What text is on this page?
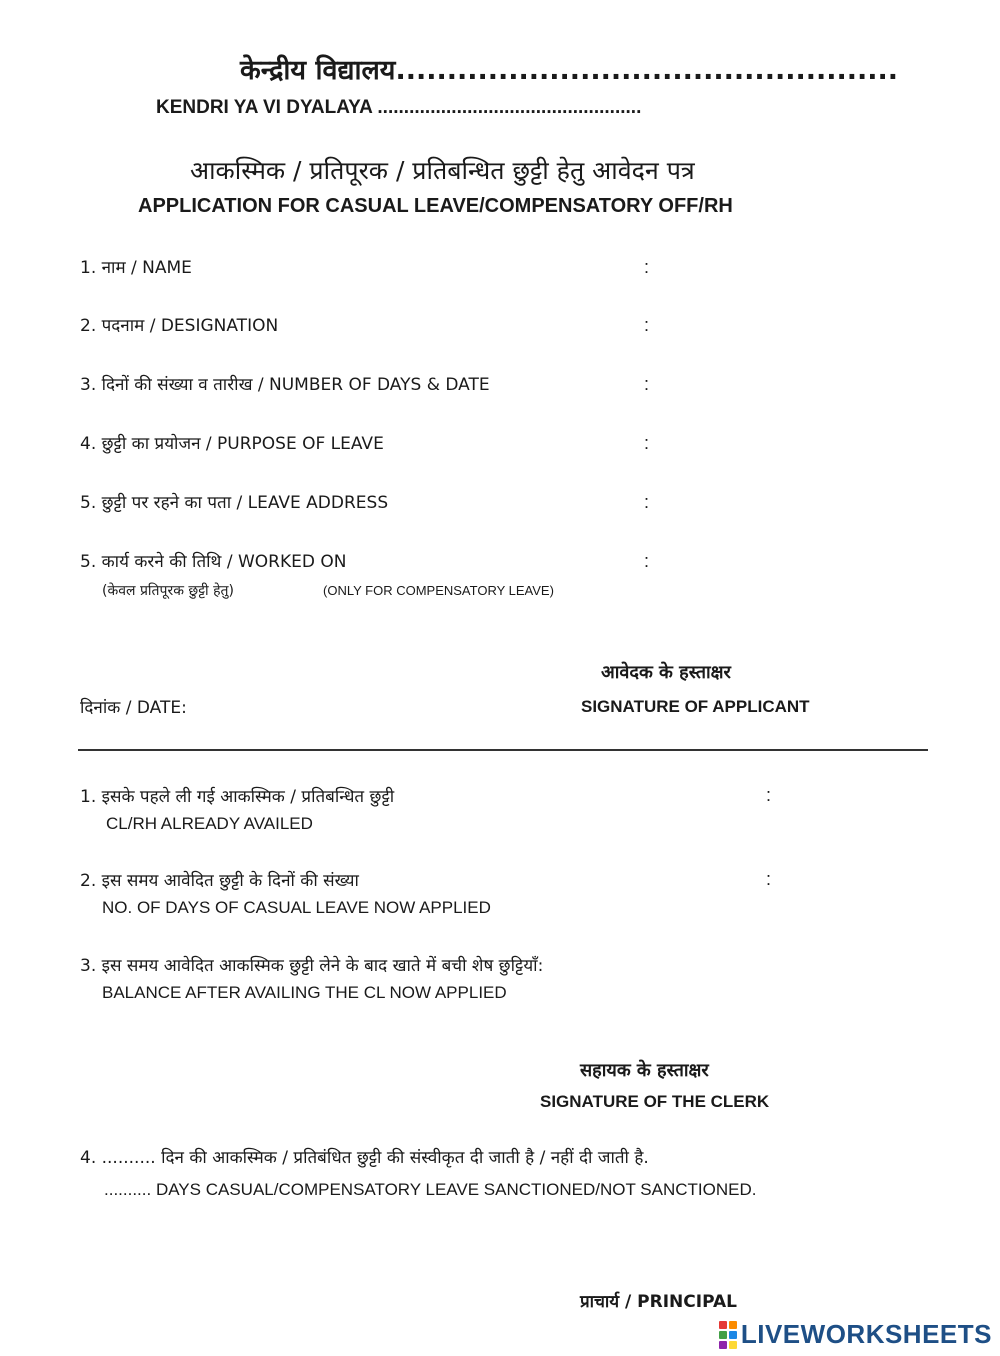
केन्द्रीय विद्यालय.................................................
KENDRI YA VI DYALAYA ..................................................
आकस्मिक / प्रतिपूरक / प्रतिबन्धित छुट्टी हेतु आवेदन पत्र
APPLICATION FOR CASUAL LEAVE/COMPENSATORY OFF/RH
1. नाम / NAME	:
2. पदनाम / DESIGNATION	:
3. दिनों की संख्या व तारीख / NUMBER OF DAYS & DATE	:
4. छुट्टी का प्रयोजन / PURPOSE OF LEAVE	:
5. छुट्टी पर रहने का पता / LEAVE ADDRESS	:
5. कार्य करने की तिथि / WORKED ON	:
(केवल प्रतिपूरक छुट्टी हेतु)	(ONLY FOR COMPENSATORY LEAVE)
आवेदक के हस्ताक्षर
SIGNATURE OF APPLICANT
दिनांक / DATE:
1. इसके पहले ली गई आकस्मिक / प्रतिबन्धित छुट्टी	:
CL/RH ALREADY AVAILED
2. इस समय आवेदित छुट्टी के दिनों की संख्या	:
NO. OF DAYS OF CASUAL LEAVE NOW APPLIED
3. इस समय आवेदित आकस्मिक छुट्टी लेने के बाद खाते में बची शेष छुट्टियाँ:
BALANCE AFTER AVAILING THE CL NOW APPLIED
सहायक के हस्ताक्षर
SIGNATURE OF THE CLERK
4. .......... दिन की आकस्मिक / प्रतिबंधित छुट्टी की संस्वीकृत दी जाती है / नहीं दी जाती है.
.......... DAYS CASUAL/COMPENSATORY LEAVE SANCTIONED/NOT SANCTIONED.
प्राचार्य / PRINCIPAL
LIVEWORKSHEETS
